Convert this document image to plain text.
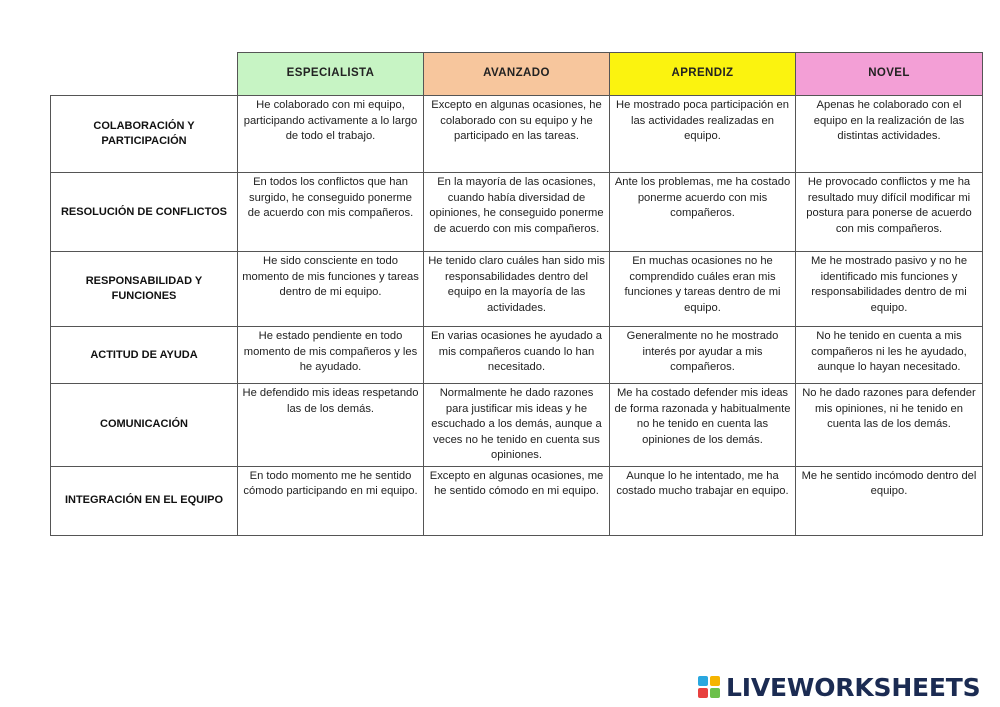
	ESPECIALISTA	AVANZADO	APRENDIZ	NOVEL
COLABORACIÓN Y PARTICIPACIÓN	He colaborado con mi equipo, participando activamente a lo largo de todo el trabajo.	Excepto en algunas ocasiones, he colaborado con su equipo y he participado en las tareas.	He mostrado poca participación en las actividades realizadas en equipo.	Apenas he colaborado con el equipo en la realización de las distintas actividades.
RESOLUCIÓN DE CONFLICTOS	En todos los conflictos que han surgido, he conseguido ponerme de acuerdo con mis compañeros.	En la mayoría de las ocasiones, cuando había diversidad de opiniones, he conseguido ponerme de acuerdo con mis compañeros.	Ante los problemas, me ha costado ponerme acuerdo con mis compañeros.	He provocado conflictos y me ha resultado muy difícil modificar mi postura para ponerse de acuerdo con mis compañeros.
RESPONSABILIDAD Y FUNCIONES	He sido consciente en todo momento de mis funciones y tareas dentro de mi equipo.	He tenido claro cuáles han sido mis responsabilidades dentro del equipo en la mayoría de las actividades.	En muchas ocasiones no he comprendido cuáles eran mis funciones y tareas dentro de mi equipo.	Me he mostrado pasivo y no he identificado mis funciones y responsabilidades dentro de mi equipo.
ACTITUD DE AYUDA	He estado pendiente en todo momento de mis compañeros y les he ayudado.	En varias ocasiones he ayudado a mis compañeros cuando lo han necesitado.	Generalmente no he mostrado interés por ayudar a mis compañeros.	No he tenido en cuenta a mis compañeros ni les he ayudado, aunque lo hayan necesitado.
COMUNICACIÓN	He defendido mis ideas respetando las de los demás.	Normalmente he dado razones para justificar mis ideas y he escuchado a los demás, aunque a veces no he tenido en cuenta sus opiniones.	Me ha costado defender mis ideas de forma razonada y habitualmente no he tenido en cuenta las opiniones de los demás.	No he dado razones para defender mis opiniones, ni he tenido en cuenta las de los demás.
INTEGRACIÓN EN EL EQUIPO	En todo momento me he sentido cómodo participando en mi equipo.	Excepto en algunas ocasiones, me he sentido cómodo en mi equipo.	Aunque lo he intentado, me ha costado mucho trabajar en equipo.	Me he sentido incómodo dentro del equipo.
LIVEWORKSHEETS
